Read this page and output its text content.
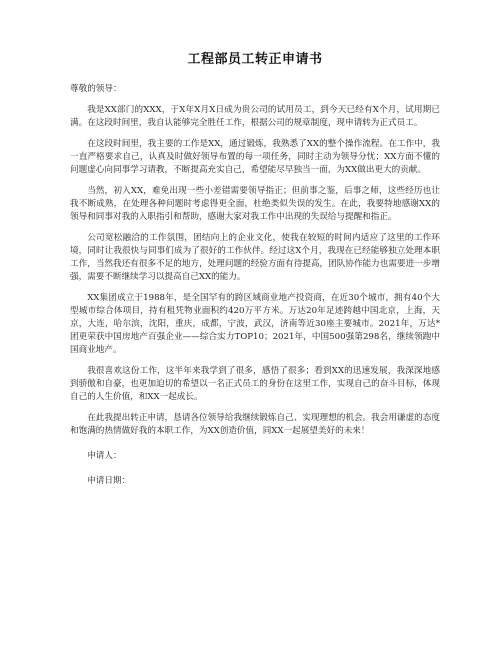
工程部员工转正申请书
尊敬的领导：

我是XX部门的XXX，于X年X月X日成为贵公司的试用员工，到今天已经有X个月，试用期已满。在这段时间里，我自认能够完全胜任工作，根据公司的规章制度，现申请转为正式员工。

在这段时间里，我主要的工作是XX，通过锻炼，我熟悉了XX的整个操作流程。在工作中，我一直严格要求自己，认真及时做好领导布置的每一项任务，同时主动为领导分忧；XX方面不懂的问题虚心向同事学习请教，不断提高充实自己，希望能尽早独当一面，为XX做出更大的贡献。

当然，初入XX，难免出现一些小差错需要领导指正；但前事之鉴，后事之师，这些经历也让我不断成熟，在处理各种问题时考虑得更全面，杜绝类似失误的发生。在此，我要特地感谢XX的领导和同事对我的入职指引和帮助，感谢大家对我工作中出现的失误给与提醒和指正。

公司宽松融洽的工作氛围，团结向上的企业文化，使我在较短的时间内适应了这里的工作环境，同时让我很快与同事们成为了很好的工作伙伴。经过这X个月，我现在已经能够独立处理本职工作，当然我还有很多不足的地方，处理问题的经验方面有待提高，团队协作能力也需要进一步增强，需要不断继续学习以提高自己XX的能力。

XX集团成立于1988年，是全国罕有的跨区域商业地产投资商，在近30个城市，拥有40个大型城市综合体项目，持有租凭物业面积约420万平方米。万达20年足迹跨越中国北京，上海，天京，大连，哈尔滨，沈阳，重庆，成都，宁波，武汉，济南等近30座主要城市。2021年，万达*团更荣获中国房地产百强企业——综合实力TOP10；2021年，中国500强第298名，继续领跑中国商业地产。

我很喜欢这份工作，这半年来我学到了很多，感悟了很多；看到XX的迅速发展，我深深地感到骄傲和自豪，也更加迫切的希望以一名正式员工的身份在这里工作，实现自己的奋斗目标，体现自己的人生价值，和XX一起成长。

在此我提出转正申请，恳请各位领导给我继续锻炼自己、实现理想的机会。我会用谦虚的态度和饱满的热情做好我的本职工作，为XX创造价值，同XX一起展望美好的未来！

申请人：
申请日期：
